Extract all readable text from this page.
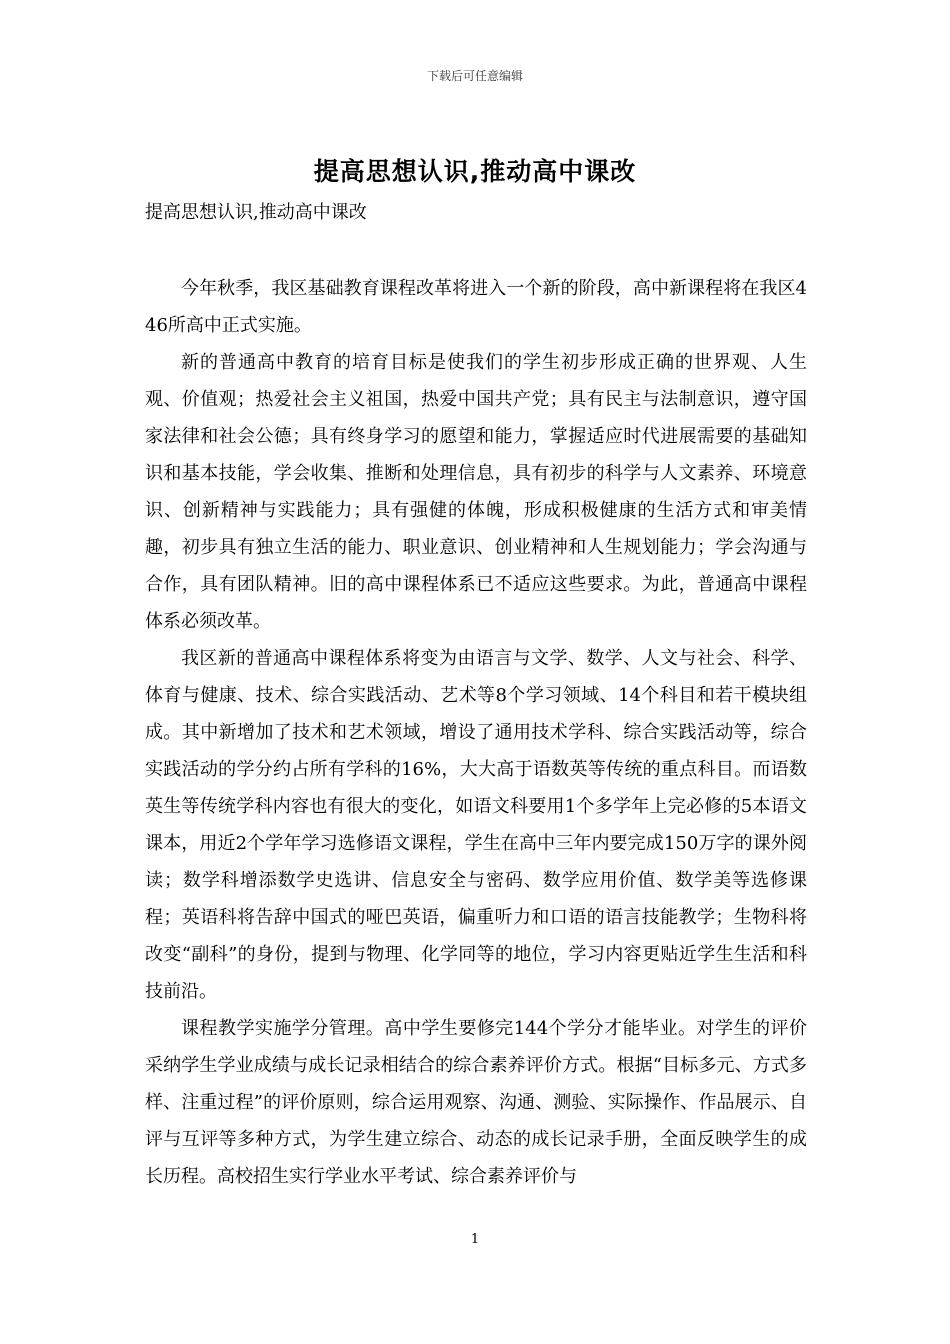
下载后可任意编辑
提高思想认识,推动高中课改
提高思想认识,推动高中课改

今年秋季，我区基础教育课程改革将进入一个新的阶段，高中新课程将在我区446所高中正式实施。

新的普通高中教育的培育目标是使我们的学生初步形成正确的世界观、人生观、价值观；热爱社会主义祖国，热爱中国共产党；具有民主与法制意识，遵守国家法律和社会公德；具有终身学习的愿望和能力，掌握适应时代进展需要的基础知识和基本技能，学会收集、推断和处理信息，具有初步的科学与人文素养、环境意识、创新精神与实践能力；具有强健的体魄，形成积极健康的生活方式和审美情趣，初步具有独立生活的能力、职业意识、创业精神和人生规划能力；学会沟通与合作，具有团队精神。旧的高中课程体系已不适应这些要求。为此，普通高中课程体系必须改革。

我区新的普通高中课程体系将变为由语言与文学、数学、人文与社会、科学、体育与健康、技术、综合实践活动、艺术等8个学习领域、14个科目和若干模块组成。其中新增加了技术和艺术领域，增设了通用技术学科、综合实践活动等，综合实践活动的学分约占所有学科的16%，大大高于语数英等传统的重点科目。而语数英生等传统学科内容也有很大的变化，如语文科要用1个多学年上完必修的5本语文课本，用近2个学年学习选修语文课程，学生在高中三年内要完成150万字的课外阅读；数学科增添数学史选讲、信息安全与密码、数学应用价值、数学美等选修课程；英语科将告辞中国式的哑巴英语，偏重听力和口语的语言技能教学；生物科将改变“副科”的身份，提到与物理、化学同等的地位，学习内容更贴近学生生活和科技前沿。

课程教学实施学分管理。高中学生要修完144个学分才能毕业。对学生的评价采纳学生学业成绩与成长记录相结合的综合素养评价方式。根据“目标多元、方式多样、注重过程”的评价原则，综合运用观察、沟通、测验、实际操作、作品展示、自评与互评等多种方式，为学生建立综合、动态的成长记录手册，全面反映学生的成长历程。高校招生实行学业水平考试、综合素养评价与

1
